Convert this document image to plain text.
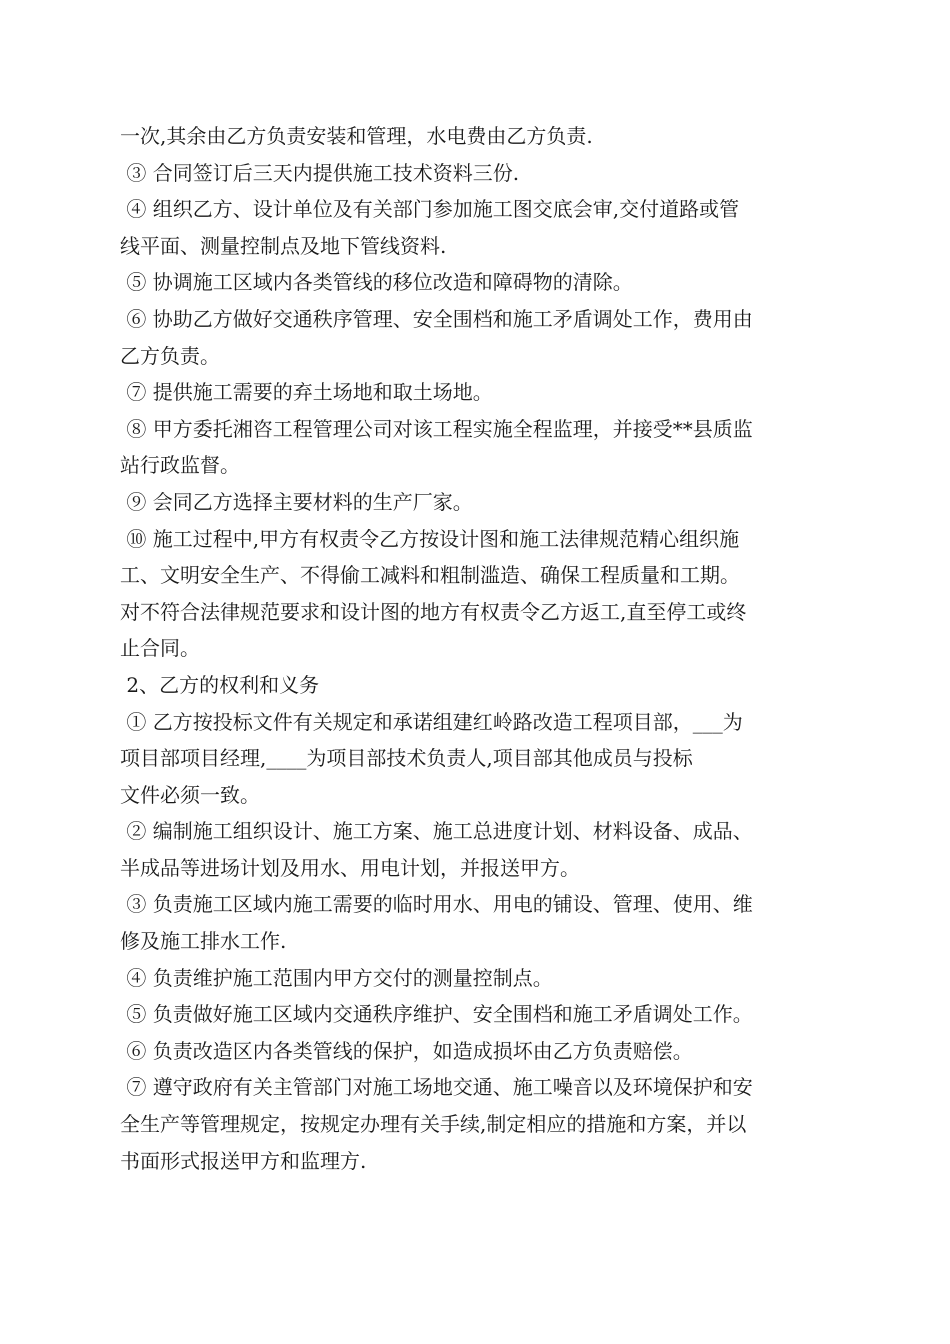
一次,其余由乙方负责安装和管理，水电费由乙方负责.
③ 合同签订后三天内提供施工技术资料三份.
④ 组织乙方、设计单位及有关部门参加施工图交底会审,交付道路或管
线平面、测量控制点及地下管线资料.
⑤ 协调施工区域内各类管线的移位改造和障碍物的清除。
⑥ 协助乙方做好交通秩序管理、安全围档和施工矛盾调处工作，费用由
乙方负责。
⑦ 提供施工需要的弃土场地和取土场地。
⑧ 甲方委托湘咨工程管理公司对该工程实施全程监理，并接受**县质监
站行政监督。
⑨ 会同乙方选择主要材料的生产厂家。
⑩ 施工过程中,甲方有权责令乙方按设计图和施工法律规范精心组织施
工、文明安全生产、不得偷工减料和粗制滥造、确保工程质量和工期。
对不符合法律规范要求和设计图的地方有权责令乙方返工,直至停工或终
止合同。
2、乙方的权利和义务
① 乙方按投标文件有关规定和承诺组建红岭路改造工程项目部，___为
项目部项目经理,____为项目部技术负责人,项目部其他成员与投标
文件必须一致。
② 编制施工组织设计、施工方案、施工总进度计划、材料设备、成品、
半成品等进场计划及用水、用电计划，并报送甲方。
③ 负责施工区域内施工需要的临时用水、用电的铺设、管理、使用、维
修及施工排水工作.
④ 负责维护施工范围内甲方交付的测量控制点。
⑤ 负责做好施工区域内交通秩序维护、安全围档和施工矛盾调处工作。
⑥ 负责改造区内各类管线的保护，如造成损坏由乙方负责赔偿。
⑦ 遵守政府有关主管部门对施工场地交通、施工噪音以及环境保护和安
全生产等管理规定，按规定办理有关手续,制定相应的措施和方案，并以
书面形式报送甲方和监理方.
